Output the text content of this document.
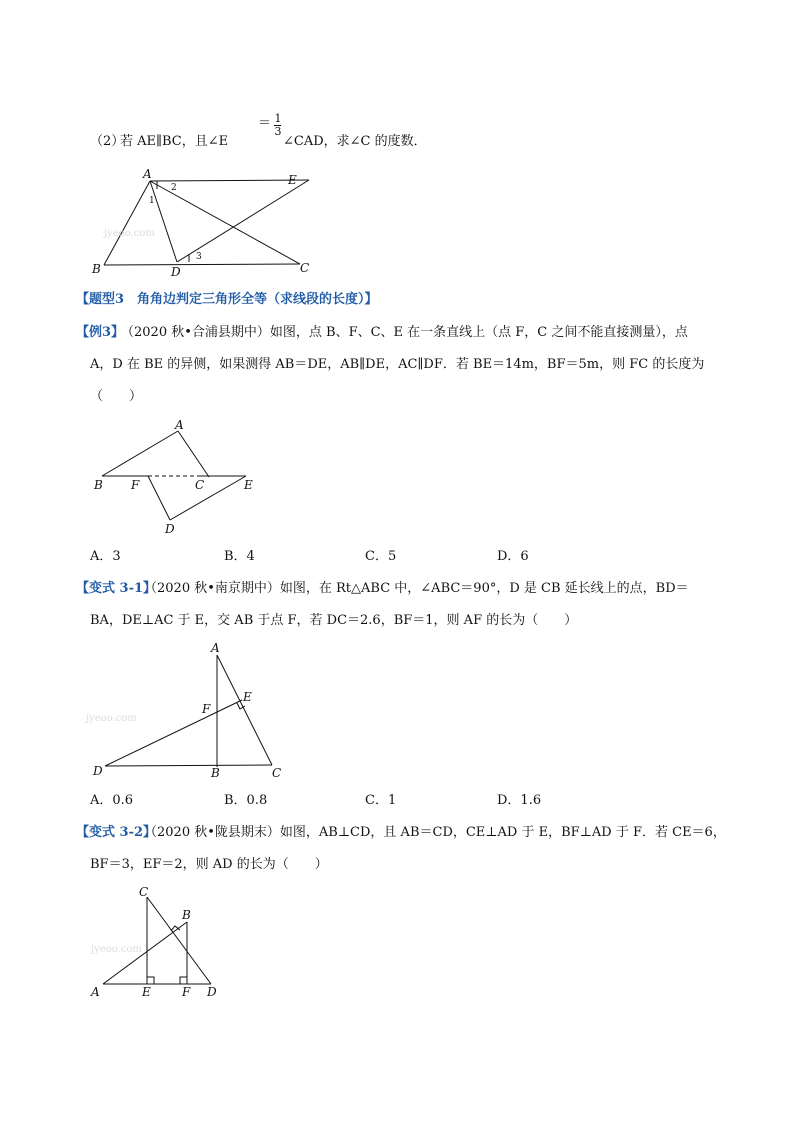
（2）
若 AE∥BC，且∠E
＝ 1
3
∠CAD，求∠C 的度数．
B
A	E
D	C
1
2
3
jyeoo.com
【题型3　角角边判定三角形全等（求线段的长度）】
【例3】
（2020 秋•合浦县期中）如图，点 B、F、C、E 在一条直线上（点 F，C 之间不能直接测量），点
A，D 在 BE 的异侧，如果测得 AB＝DE，AB∥DE，AC∥DF．若 BE＝14m，BF＝5m，则 FC 的长度为
（　　）
A
B F	C	E
D
A．3	B．4	C．5	D．6
【变式 3-1】
（2020 秋•南京期中）如图，在 Rt△ABC 中，∠ABC＝90°，D 是 CB 延长线上的点，BD＝
BA，DE⊥AC 于 E，交 AB 于点 F，若 DC＝2.6，BF＝1，则 AF 的长为（　　）
A
E
F
D	B	C
jyeoo.com
A．0.6	B．0.8	C．1	D．1.6
【变式 3-2】
（2020 秋•陇县期末）如图，AB⊥CD，且 AB＝CD，CE⊥AD 于 E，BF⊥AD 于 F．若 CE＝6，
BF＝3，EF＝2，则 AD 的长为（　　）
C
B
A	E	F D
jyeoo.com
